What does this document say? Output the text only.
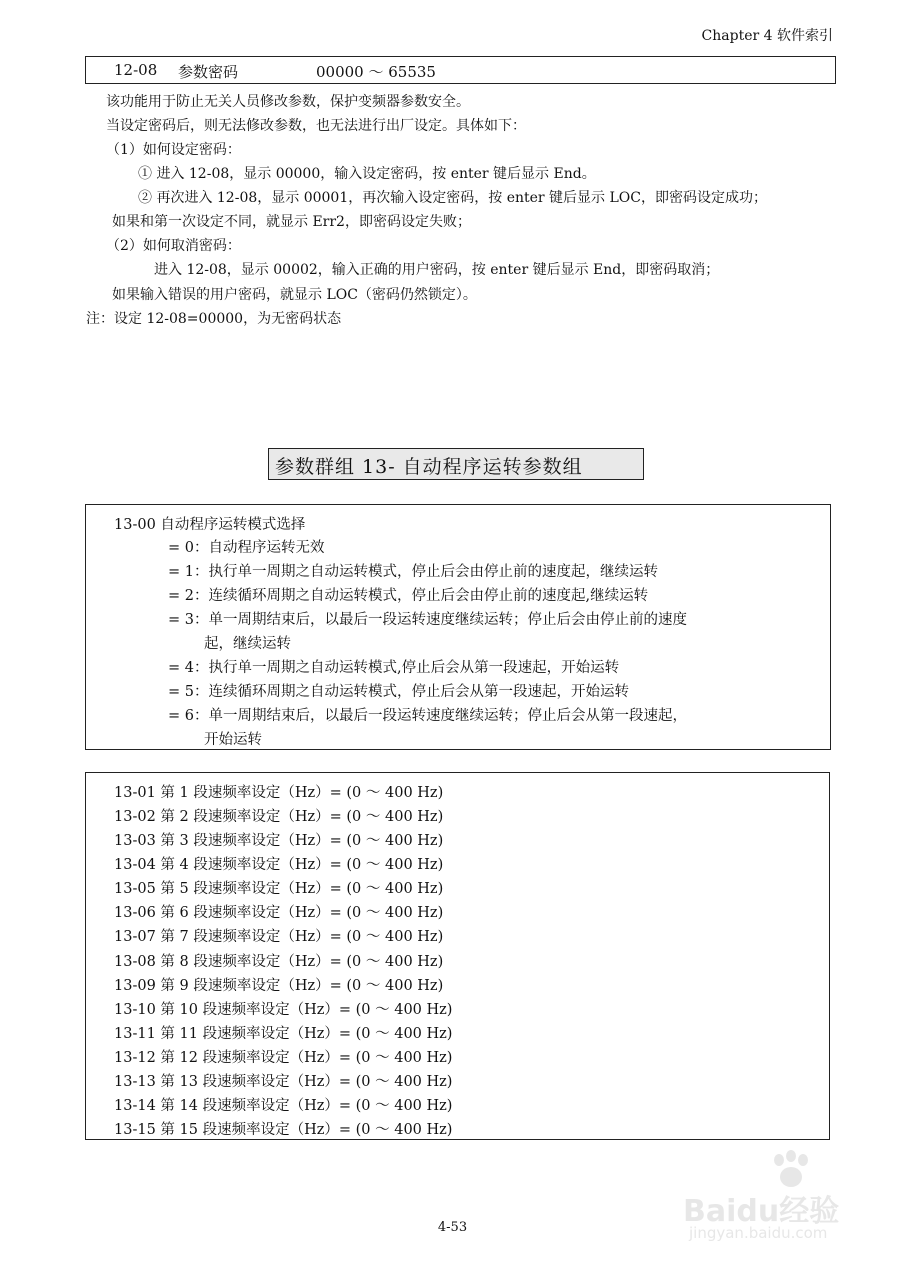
Chapter 4 软件索引
12-08 参数密码	00000 ～ 65535
该功能用于防止无关人员修改参数，保护变频器参数安全。
当设定密码后，则无法修改参数，也无法进行出厂设定。具体如下：
（1）如何设定密码：
① 进入 12-08，显示 00000，输入设定密码，按 enter 键后显示 End。
② 再次进入 12-08，显示 00001，再次输入设定密码，按 enter 键后显示 LOC，即密码设定成功；
如果和第一次设定不同，就显示 Err2，即密码设定失败；
（2）如何取消密码：
进入 12-08，显示 00002，输入正确的用户密码，按 enter 键后显示 End，即密码取消；
如果输入错误的用户密码，就显示 LOC（密码仍然锁定）。
注：设定 12-08=00000，为无密码状态
参数群组 13- 自动程序运转参数组
13-00 自动程序运转模式选择
= 0：自动程序运转无效
= 1：执行单一周期之自动运转模式，停止后会由停止前的速度起，继续运转
= 2：连续循环周期之自动运转模式，停止后会由停止前的速度起,继续运转
= 3：单一周期结束后，以最后一段运转速度继续运转；停止后会由停止前的速度
起，继续运转
= 4：执行单一周期之自动运转模式,停止后会从第一段速起，开始运转
= 5：连续循环周期之自动运转模式，停止后会从第一段速起，开始运转
= 6：单一周期结束后，以最后一段运转速度继续运转；停止后会从第一段速起，
开始运转
13-01 第 1 段速频率设定（Hz）= (0 ～ 400 Hz)
13-02 第 2 段速频率设定（Hz）= (0 ～ 400 Hz)
13-03 第 3 段速频率设定（Hz）= (0 ～ 400 Hz)
13-04 第 4 段速频率设定（Hz）= (0 ～ 400 Hz)
13-05 第 5 段速频率设定（Hz）= (0 ～ 400 Hz)
13-06 第 6 段速频率设定（Hz）= (0 ～ 400 Hz)
13-07 第 7 段速频率设定（Hz）= (0 ～ 400 Hz)
13-08 第 8 段速频率设定（Hz）= (0 ～ 400 Hz)
13-09 第 9 段速频率设定（Hz）= (0 ～ 400 Hz)
13-10 第 10 段速频率设定（Hz）= (0 ～ 400 Hz)
13-11 第 11 段速频率设定（Hz）= (0 ～ 400 Hz)
13-12 第 12 段速频率设定（Hz）= (0 ～ 400 Hz)
13-13 第 13 段速频率设定（Hz）= (0 ～ 400 Hz)
13-14 第 14 段速频率设定（Hz）= (0 ～ 400 Hz)
13-15 第 15 段速频率设定（Hz）= (0 ～ 400 Hz)
Baidu经验
jingyan.baidu.com
4-53
